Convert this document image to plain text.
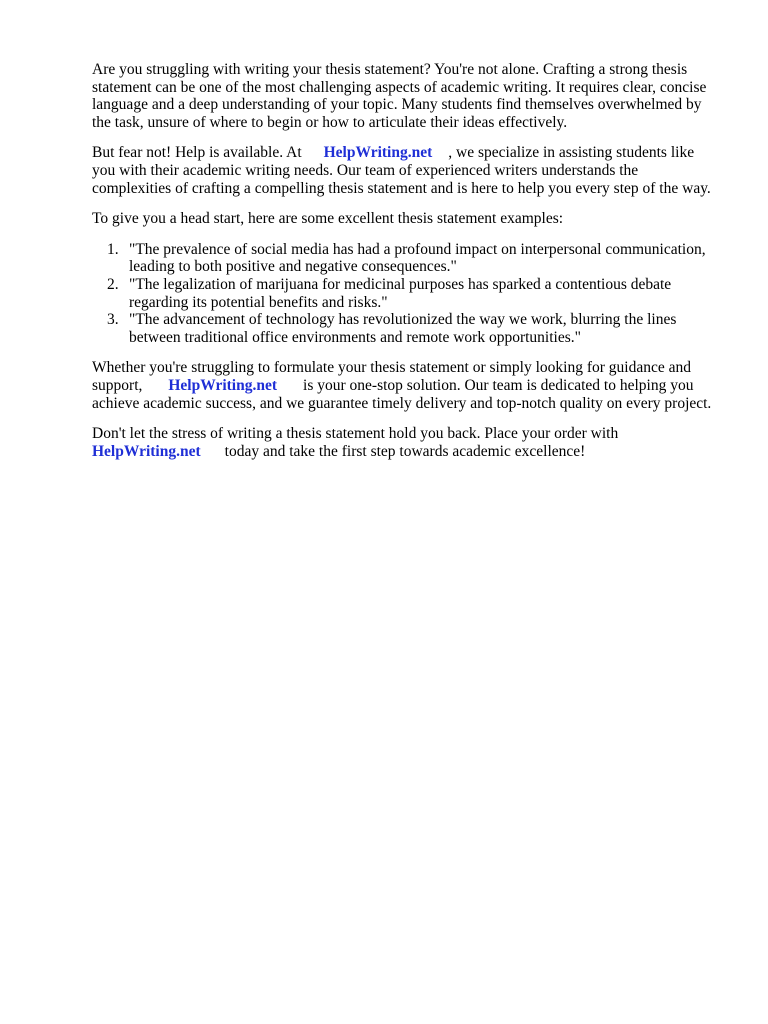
Are you struggling with writing your thesis statement? You're not alone. Crafting a strong thesis statement can be one of the most challenging aspects of academic writing. It requires clear, concise language and a deep understanding of your topic. Many students find themselves overwhelmed by the task, unsure of where to begin or how to articulate their ideas effectively.

But fear not! Help is available. At HelpWriting.net , we specialize in assisting students like you with their academic writing needs. Our team of experienced writers understands the complexities of crafting a compelling thesis statement and is here to help you every step of the way.

To give you a head start, here are some excellent thesis statement examples:

1. "The prevalence of social media has had a profound impact on interpersonal communication, leading to both positive and negative consequences."
2. "The legalization of marijuana for medicinal purposes has sparked a contentious debate regarding its potential benefits and risks."
3. "The advancement of technology has revolutionized the way we work, blurring the lines between traditional office environments and remote work opportunities."

Whether you're struggling to formulate your thesis statement or simply looking for guidance and support, HelpWriting.net is your one-stop solution. Our team is dedicated to helping you achieve academic success, and we guarantee timely delivery and top-notch quality on every project.

Don't let the stress of writing a thesis statement hold you back. Place your order with
HelpWriting.net today and take the first step towards academic excellence!
